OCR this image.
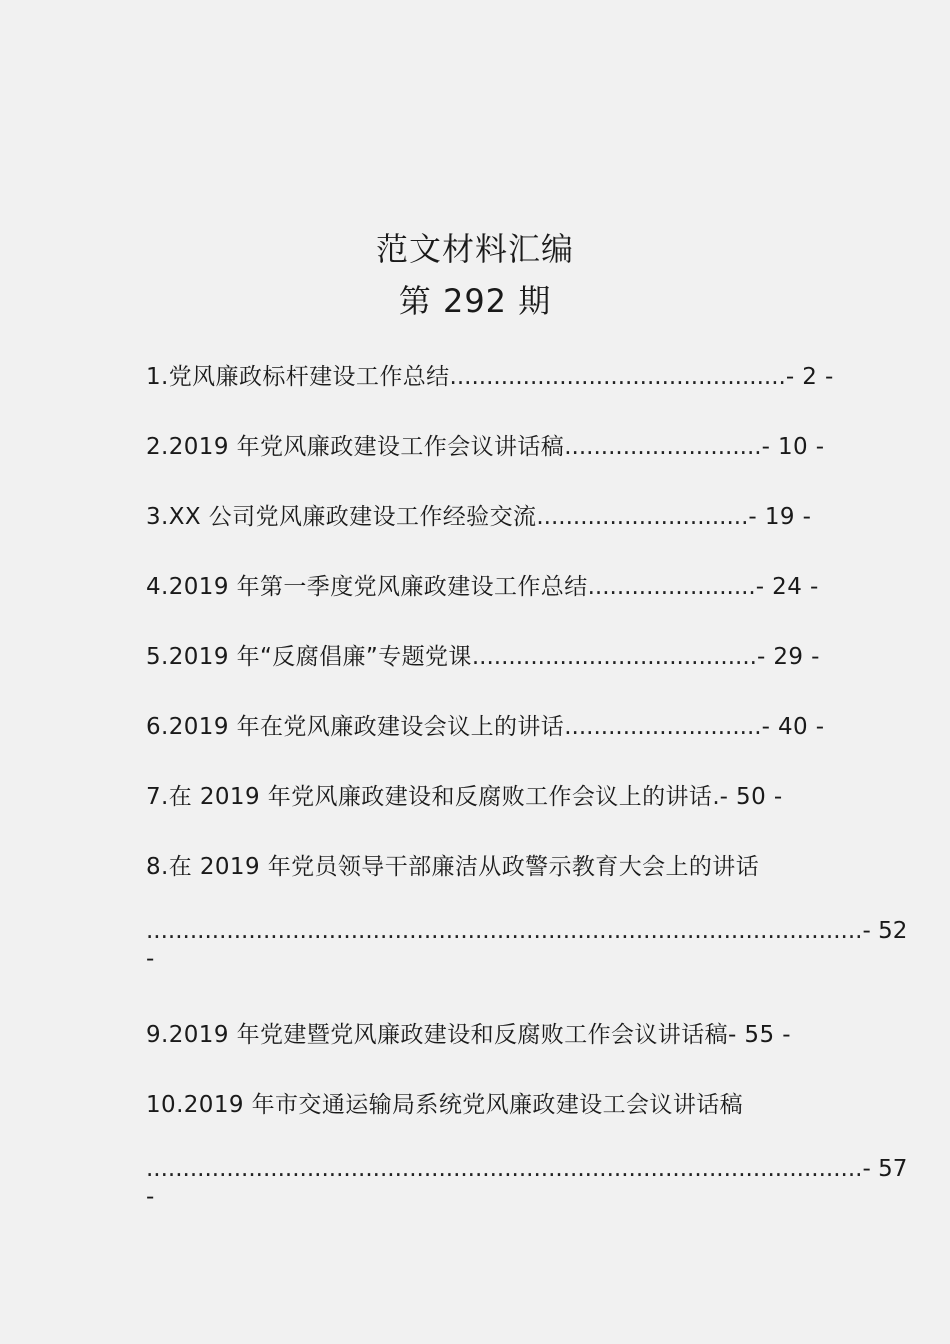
范文材料汇编
第 292 期
1.党风廉政标杆建设工作总结..............................................- 2 -
2.2019 年党风廉政建设工作会议讲话稿...........................- 10 -
3.XX 公司党风廉政建设工作经验交流.............................- 19 -
4.2019 年第一季度党风廉政建设工作总结.......................- 24 -
5.2019 年“反腐倡廉”专题党课.......................................- 29 -
6.2019 年在党风廉政建设会议上的讲话...........................- 40 -
7.在 2019 年党风廉政建设和反腐败工作会议上的讲话.- 50 -
8.在 2019 年党员领导干部廉洁从政警示教育大会上的讲话
..................................................................................................- 52
-
9.2019 年党建暨党风廉政建设和反腐败工作会议讲话稿- 55 -
10.2019 年市交通运输局系统党风廉政建设工会议讲话稿
..................................................................................................- 57
-
